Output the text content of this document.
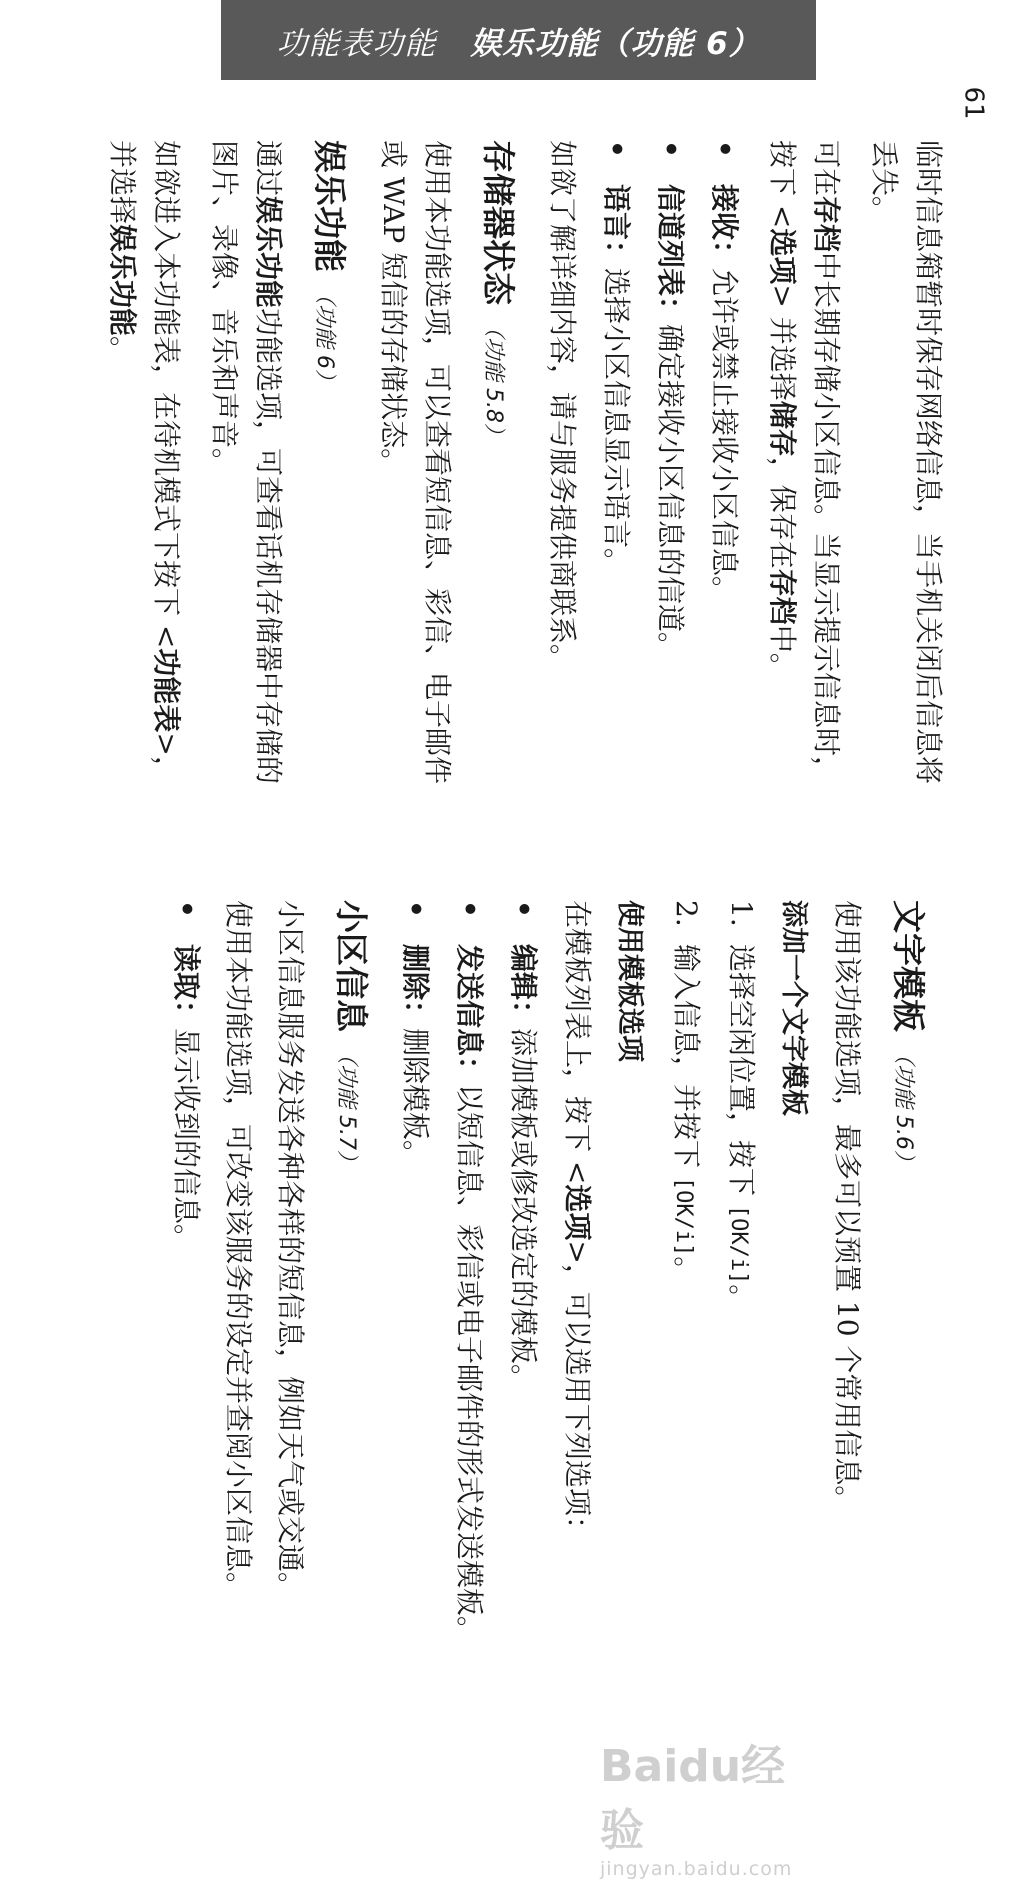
功能表功能 娱乐功能（功能 6）
61

临时信息箱暂时保存网络信息，当手机关闭后信息将丢失。

可在存档中长期存储小区信息。当显示提示信息时，按下 <选项> 并选择储存，保存在存档中。

•
接收：允许或禁止接收小区信息。
•
信道列表：确定接收小区信息的信道。
•
语言：选择小区信息显示语言。

如欲了解详细内容，请与服务提供商联系。

存储器状态（功能 5.8）

使用本功能选项，可以查看短信息、彩信、电子邮件或 WAP 短信的存储状态。

娱乐功能（功能 6）

通过娱乐功能功能选项，可查看话机存储器中存储的图片、录像、音乐和声音。

如欲进入本功能表，在待机模式下按下 <功能表>，并选择娱乐功能。

文字模板（功能 5.6）

使用该功能选项，最多可以预置 10 个常用信息。

添加一个文字模板
1.
选择空闲位置，按下 [OK/i]。
2.
输入信息，并按下 [OK/i]。
使用模板选项

在模板列表上，按下 <选项>，可以选用下列选项：

•
编辑：添加模板或修改选定的模板。
•
发送信息：以短信息、彩信或电子邮件的形式发送模板。
•
删除：删除模板。
小区信息（功能 5.7）

小区信息服务发送各种各样的短信息，例如天气或交通。

使用本功能选项，可改变该服务的设定并查阅小区信息。

•
读取：显示收到的信息。
Baidu经验
jingyan.baidu.com
